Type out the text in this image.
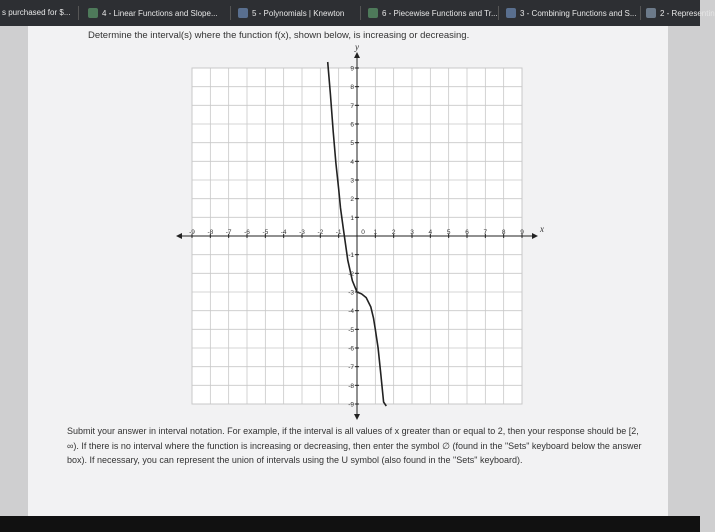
s purchased for $...	4 - Linear Functions and Slope...	5 - Polynomials | Knewton	6 - Piecewise Functions and Tr...	3 - Combining Functions and S...	2 - Representin
Determine the interval(s) where the function f(x), shown below, is increasing or decreasing.
-9 -8 -7 -6 -5 -4 -3 -2 -1	0 1 2 3 4 5 6 7 8 9
9
8
7
6
5
4
3
2
1
-1
-2
-3
-4
-5
-6
-7
-8
-9
x
y
Submit your answer in interval notation. For example, if the interval is all values of x greater than or equal to 2, then your response should be [2, ∞). If there is no interval where the function is increasing or decreasing, then enter the symbol ∅ (found in the "Sets" keyboard below the answer box). If necessary, you can represent the union of intervals using the U symbol (also found in the "Sets" keyboard).
